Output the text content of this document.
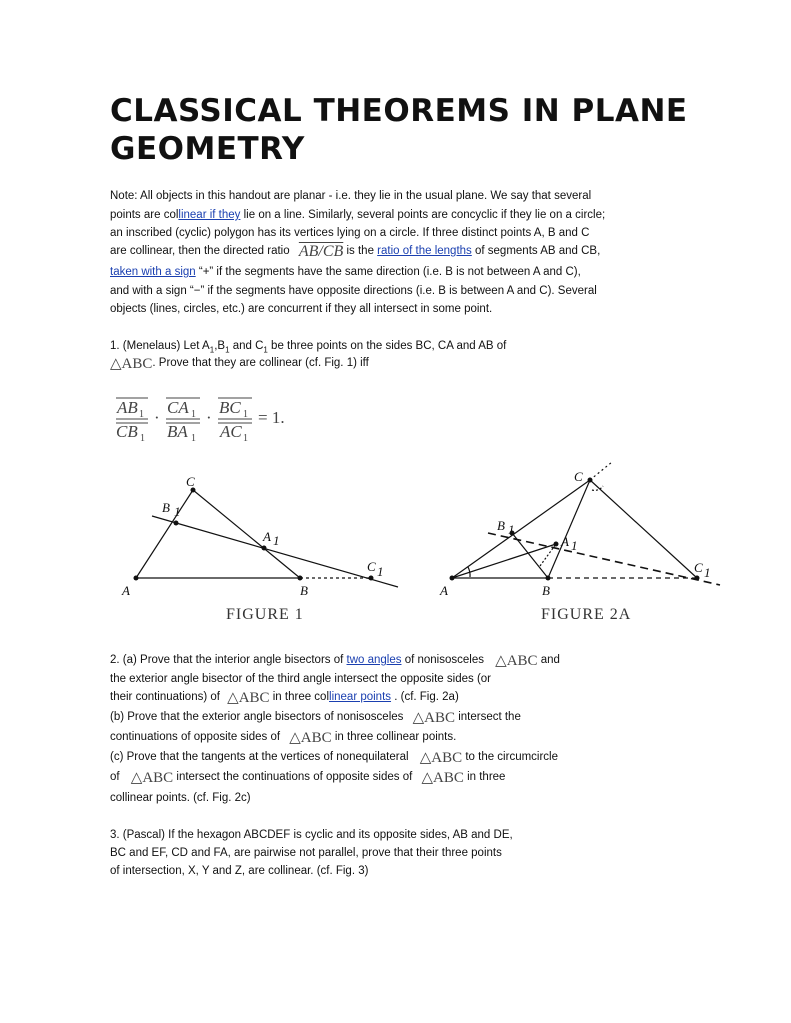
CLASSICAL THEOREMS IN PLANE GEOMETRY
Note: All objects in this handout are planar - i.e. they lie in the usual plane. We say that several
points are collinear if they lie on a line. Similarly, several points are concyclic if they lie on a circle;
an inscribed (cyclic) polygon has its vertices lying on a circle. If three distinct points A, B and C
are collinear, then the directed ratio AB/CB is the ratio of the lengths of segments AB and CB,
taken with a sign “+” if the segments have the same direction (i.e. B is not between A and C),
and with a sign “−” if the segments have opposite directions (i.e. B is between A and C). Several
objects (lines, circles, etc.) are concurrent if they all intersect in some point.
1. (Menelaus) Let $A_1,B_1$ and $C_1$ be three points on the sides BC, CA and AB of
△ABC. Prove that they are collinear (cf. Fig. 1) iff
AB 1
CB 1
·
CA 1
BA 1
·
BC 1
AC 1
= 1.
A
C
B
B 1
A 1
C 1
FIGURE 1
A	B
C
B 1
A 1
C 1
FIGURE 2A
2. (a) Prove that the interior angle bisectors of two angles of nonisosceles △ABC and
the exterior angle bisector of the third angle intersect the opposite sides (or
their continuations) of △ABC in three collinear points . (cf. Fig. 2a)
(b) Prove that the exterior angle bisectors of nonisosceles △ABC intersect the
continuations of opposite sides of △ABC in three collinear points.
(c) Prove that the tangents at the vertices of nonequilateral △ABC to the circumcircle
of △ABC intersect the continuations of opposite sides of △ABC in three
collinear points. (cf. Fig. 2c)
3. (Pascal) If the hexagon ABCDEF is cyclic and its opposite sides, AB and DE,
BC and EF, CD and FA, are pairwise not parallel, prove that their three points
of intersection, X, Y and Z, are collinear. (cf. Fig. 3)
